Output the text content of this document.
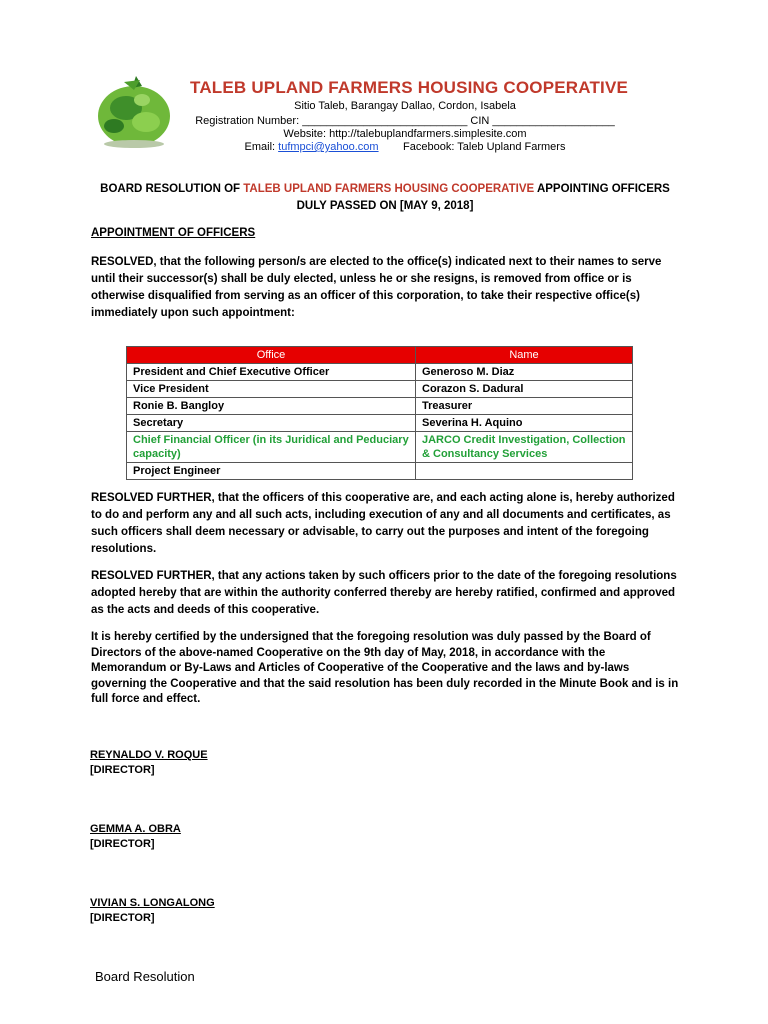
TALEB UPLAND FARMERS HOUSING COOPERATIVE
Sitio Taleb, Barangay Dallao, Cordon, Isabela
Registration Number: ___________________________ CIN ____________________
Website: http://talebuplandfarmers.simplesite.com
Email: tufmpci@yahoo.com Facebook: Taleb Upland Farmers
BOARD RESOLUTION OF TALEB UPLAND FARMERS HOUSING COOPERATIVE APPOINTING OFFICERS
DULY PASSED ON [MAY 9, 2018]
APPOINTMENT OF OFFICERS
RESOLVED, that the following person/s are elected to the office(s) indicated next to their names to serve until their successor(s) shall be duly elected, unless he or she resigns, is removed from office or is otherwise disqualified from serving as an officer of this corporation, to take their respective office(s) immediately upon such appointment:
Office	Name
President and Chief Executive Officer	Generoso M. Diaz
Vice President	Corazon S. Dadural
Ronie B. Bangloy	Treasurer
Secretary	Severina H. Aquino
Chief Financial Officer (in its Juridical and Peduciary capacity)	JARCO Credit Investigation, Collection & Consultancy Services
Project Engineer	
RESOLVED FURTHER, that the officers of this cooperative are, and each acting alone is, hereby authorized to do and perform any and all such acts, including execution of any and all documents and certificates, as such officers shall deem necessary or advisable, to carry out the purposes and intent of the foregoing resolutions.
RESOLVED FURTHER, that any actions taken by such officers prior to the date of the foregoing resolutions adopted hereby that are within the authority conferred thereby are hereby ratified, confirmed and approved as the acts and deeds of this cooperative.
It is hereby certified by the undersigned that the foregoing resolution was duly passed by the Board of Directors of the above-named Cooperative on the 9th day of May, 2018, in accordance with the Memorandum or By-Laws and Articles of Cooperative of the Cooperative and the laws and by-laws governing the Cooperative and that the said resolution has been duly recorded in the Minute Book and is in full force and effect.
REYNALDO V. ROQUE
[DIRECTOR]
GEMMA A. OBRA
[DIRECTOR]
VIVIAN S. LONGALONG
[DIRECTOR]
Board Resolution
